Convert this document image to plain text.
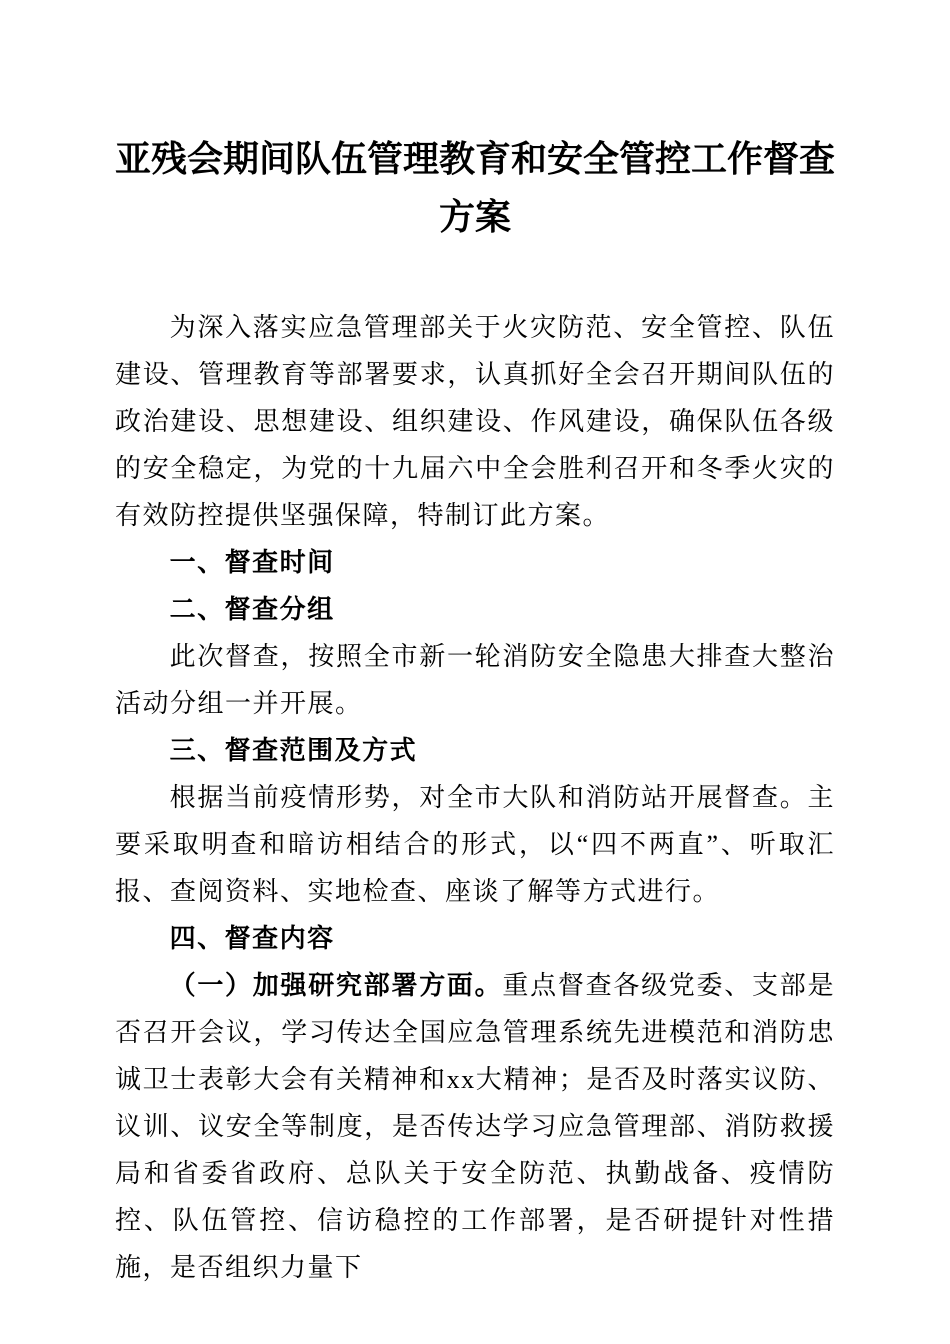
亚残会期间队伍管理教育和安全管控工作督查方案

为深入落实应急管理部关于火灾防范、安全管控、队伍建设、管理教育等部署要求，认真抓好全会召开期间队伍的政治建设、思想建设、组织建设、作风建设，确保队伍各级的安全稳定，为党的十九届六中全会胜利召开和冬季火灾的有效防控提供坚强保障，特制订此方案。

一、督查时间

二、督查分组

此次督查，按照全市新一轮消防安全隐患大排查大整治活动分组一并开展。

三、督查范围及方式

根据当前疫情形势，对全市大队和消防站开展督查。主要采取明查和暗访相结合的形式，以“四不两直”、听取汇报、查阅资料、实地检查、座谈了解等方式进行。

四、督查内容

（一）加强研究部署方面。重点督查各级党委、支部是否召开会议，学习传达全国应急管理系统先进模范和消防忠诚卫士表彰大会有关精神和xx大精神；是否及时落实议防、议训、议安全等制度，是否传达学习应急管理部、消防救援局和省委省政府、总队关于安全防范、执勤战备、疫情防控、队伍管控、信访稳控的工作部署，是否研提针对性措施，是否组织力量下
